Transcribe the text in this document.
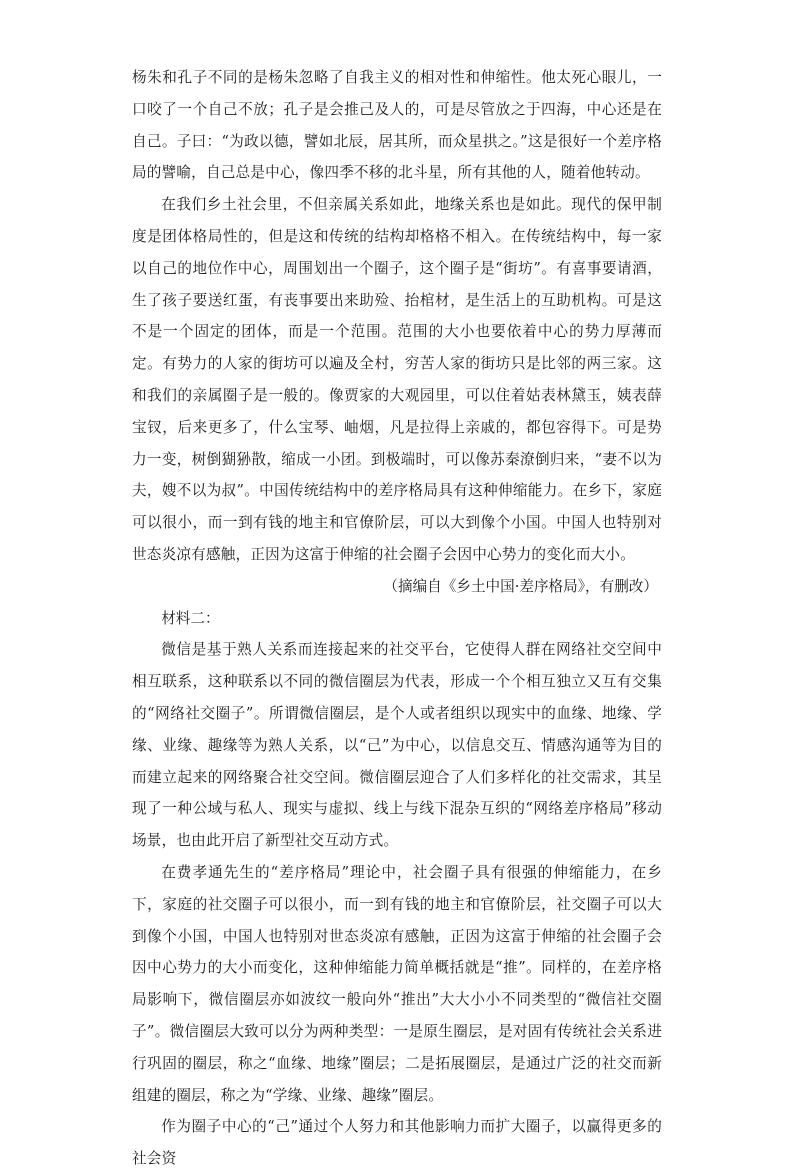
杨朱和孔子不同的是杨朱忽略了自我主义的相对性和伸缩性。他太死心眼儿，一口咬了一个自己不放；孔子是会推己及人的，可是尽管放之于四海，中心还是在自己。子曰：“为政以德，譬如北辰，居其所，而众星拱之。”这是很好一个差序格局的譬喻，自己总是中心，像四季不移的北斗星，所有其他的人，随着他转动。

在我们乡土社会里，不但亲属关系如此，地缘关系也是如此。现代的保甲制度是团体格局性的，但是这和传统的结构却格格不相入。在传统结构中，每一家以自己的地位作中心，周围划出一个圈子，这个圈子是“街坊”。有喜事要请酒，生了孩子要送红蛋，有丧事要出来助殓、抬棺材，是生活上的互助机构。可是这不是一个固定的团体，而是一个范围。范围的大小也要依着中心的势力厚薄而定。有势力的人家的街坊可以遍及全村，穷苦人家的街坊只是比邻的两三家。这和我们的亲属圈子是一般的。像贾家的大观园里，可以住着姑表林黛玉，姨表薛宝钗，后来更多了，什么宝琴、岫烟，凡是拉得上亲戚的，都包容得下。可是势力一变，树倒猢狲散，缩成一小团。到极端时，可以像苏秦潦倒归来，“妻不以为夫，嫂不以为叔”。中国传统结构中的差序格局具有这种伸缩能力。在乡下，家庭可以很小，而一到有钱的地主和官僚阶层，可以大到像个小国。中国人也特别对世态炎凉有感触，正因为这富于伸缩的社会圈子会因中心势力的变化而大小。

（摘编自《乡土中国·差序格局》，有删改）

材料二：

微信是基于熟人关系而连接起来的社交平台，它使得人群在网络社交空间中相互联系，这种联系以不同的微信圈层为代表，形成一个个相互独立又互有交集的“网络社交圈子”。所谓微信圈层，是个人或者组织以现实中的血缘、地缘、学缘、业缘、趣缘等为熟人关系，以“己”为中心，以信息交互、情感沟通等为目的而建立起来的网络聚合社交空间。微信圈层迎合了人们多样化的社交需求，其呈现了一种公域与私人、现实与虚拟、线上与线下混杂互织的“网络差序格局”移动场景，也由此开启了新型社交互动方式。

在费孝通先生的“差序格局”理论中，社会圈子具有很强的伸缩能力，在乡下，家庭的社交圈子可以很小，而一到有钱的地主和官僚阶层，社交圈子可以大到像个小国，中国人也特别对世态炎凉有感触，正因为这富于伸缩的社会圈子会因中心势力的大小而变化，这种伸缩能力简单概括就是“推”。同样的，在差序格局影响下，微信圈层亦如波纹一般向外“推出”大大小小不同类型的“微信社交圈子”。微信圈层大致可以分为两种类型：一是原生圈层，是对固有传统社会关系进行巩固的圈层，称之“血缘、地缘”圈层；二是拓展圈层，是通过广泛的社交而新组建的圈层，称之为“学缘、业缘、趣缘”圈层。

作为圈子中心的“己”通过个人努力和其他影响力而扩大圈子，以赢得更多的社会资
